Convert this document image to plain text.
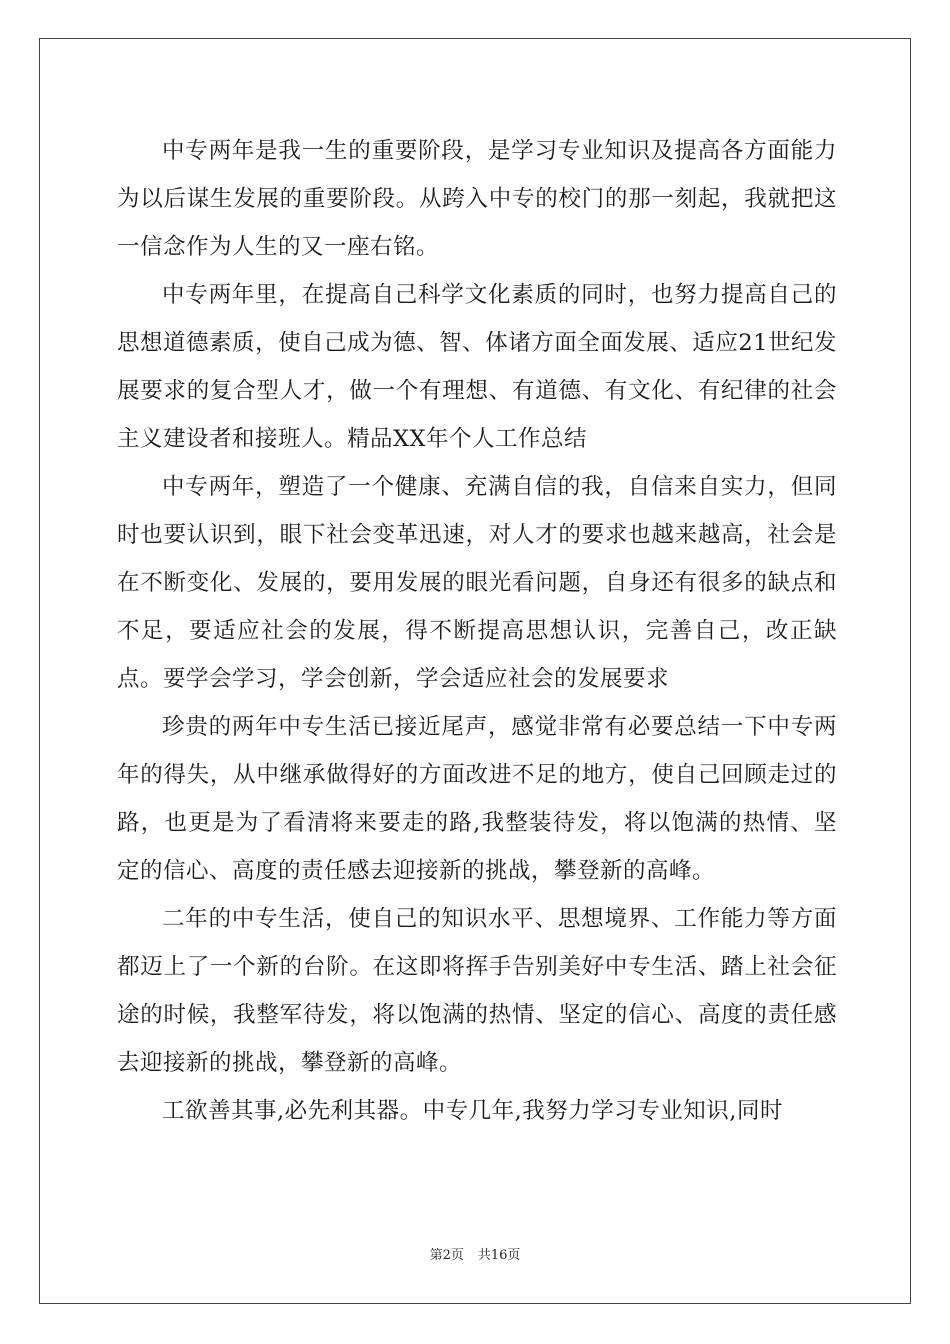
中专两年是我一生的重要阶段，是学习专业知识及提高各方面能力为以后谋生发展的重要阶段。从跨入中专的校门的那一刻起，我就把这一信念作为人生的又一座右铭。

中专两年里，在提高自己科学文化素质的同时，也努力提高自己的思想道德素质，使自己成为德、智、体诸方面全面发展、适应21世纪发展要求的复合型人才，做一个有理想、有道德、有文化、有纪律的社会主义建设者和接班人。精品XX年个人工作总结

中专两年，塑造了一个健康、充满自信的我，自信来自实力，但同时也要认识到，眼下社会变革迅速，对人才的要求也越来越高，社会是在不断变化、发展的，要用发展的眼光看问题，自身还有很多的缺点和不足，要适应社会的发展，得不断提高思想认识，完善自己，改正缺点。要学会学习，学会创新，学会适应社会的发展要求

珍贵的两年中专生活已接近尾声，感觉非常有必要总结一下中专两年的得失，从中继承做得好的方面改进不足的地方，使自己回顾走过的路，也更是为了看清将来要走的路,我整装待发，将以饱满的热情、坚定的信心、高度的责任感去迎接新的挑战，攀登新的高峰。

二年的中专生活，使自己的知识水平、思想境界、工作能力等方面都迈上了一个新的台阶。在这即将挥手告别美好中专生活、踏上社会征途的时候，我整军待发，将以饱满的热情、坚定的信心、高度的责任感去迎接新的挑战，攀登新的高峰。

工欲善其事,必先利其器。中专几年,我努力学习专业知识,同时

第2页 共16页
